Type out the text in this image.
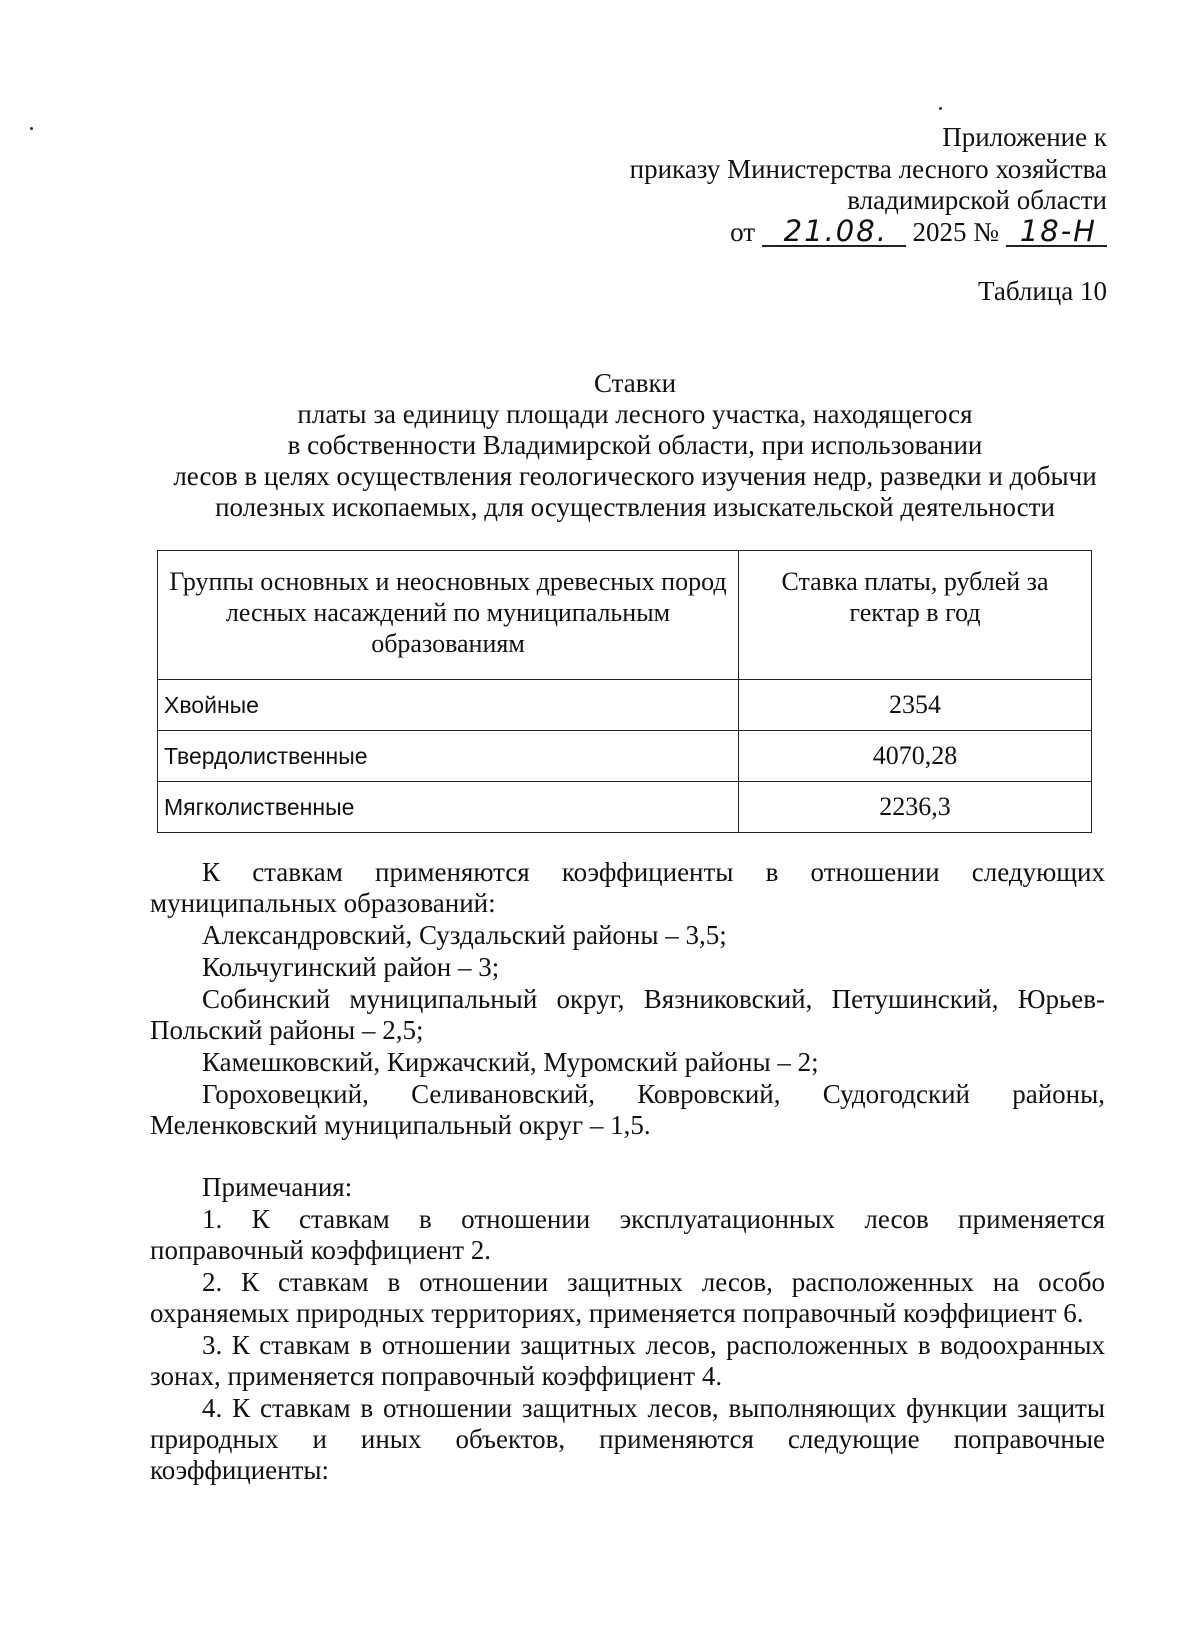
Приложение к
приказу Министерства лесного хозяйства
владимирской области
от 21.08. 2025 № 18-Н
Таблица 10
Ставки
платы за единицу площади лесного участка, находящегося
в собственности Владимирской области, при использовании
лесов в целях осуществления геологического изучения недр, разведки и добычи
полезных ископаемых, для осуществления изыскательской деятельности
Группы основных и неосновных древесных пород лесных насаждений по муниципальным образованиям	Ставка платы, рублей за гектар в год
Хвойные	2354
Твердолиственные	4070,28
Мягколиственные	2236,3

К ставкам применяются коэффициенты в отношении следующих муниципальных образований:

Александровский, Суздальский районы – 3,5;

Кольчугинский район – 3;

Собинский муниципальный округ, Вязниковский, Петушинский, Юрьев-Польский районы – 2,5;

Камешковский, Киржачский, Муромский районы – 2;

Гороховецкий, Селивановский, Ковровский, Судогодский районы, Меленковский муниципальный округ – 1,5.

Примечания:

1. К ставкам в отношении эксплуатационных лесов применяется поправочный коэффициент 2.

2. К ставкам в отношении защитных лесов, расположенных на особо охраняемых природных территориях, применяется поправочный коэффициент 6.

3. К ставкам в отношении защитных лесов, расположенных в водоохранных зонах, применяется поправочный коэффициент 4.

4. К ставкам в отношении защитных лесов, выполняющих функции защиты природных и иных объектов, применяются следующие поправочные коэффициенты:
